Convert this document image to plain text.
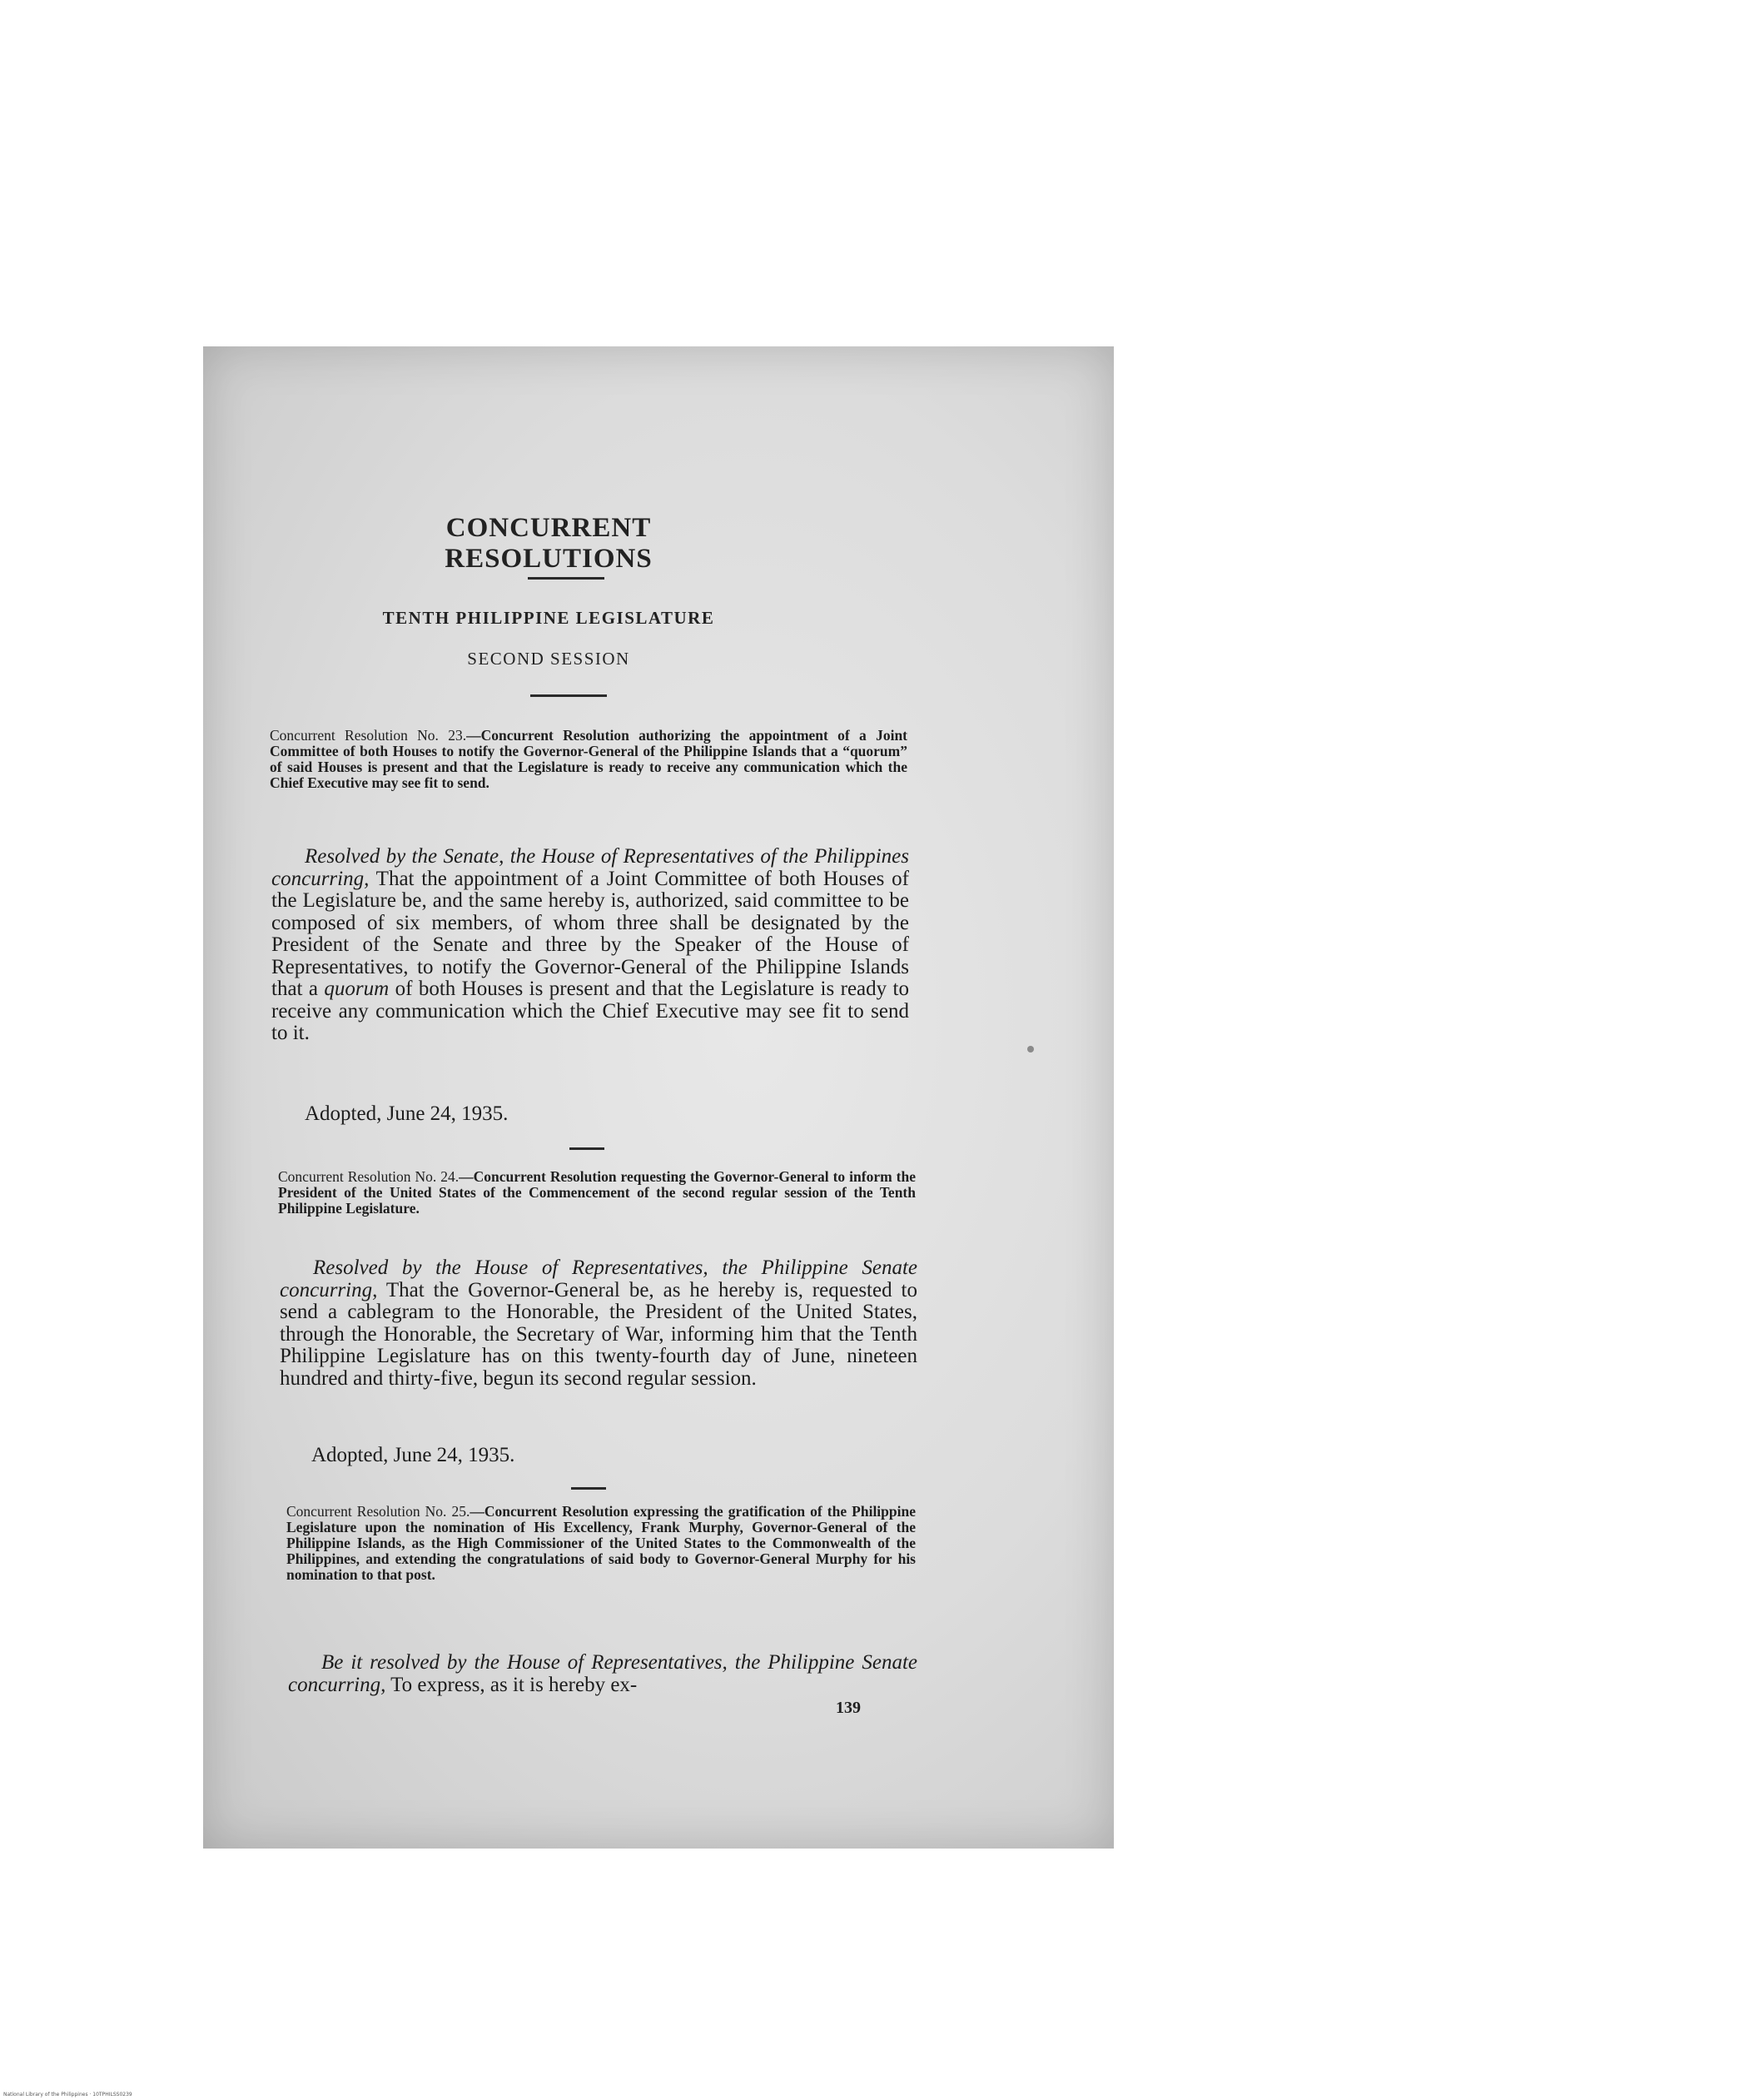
CONCURRENT RESOLUTIONS
TENTH PHILIPPINE LEGISLATURE
SECOND SESSION
Concurrent Resolution No. 23.—Concurrent Resolution authorizing the appointment of a Joint Committee of both Houses to notify the Governor-General of the Philippine Islands that a “quorum” of said Houses is present and that the Legislature is ready to receive any communication which the Chief Executive may see fit to send.
Resolved by the Senate, the House of Representatives of the Philippines concurring, That the appointment of a Joint Committee of both Houses of the Legislature be, and the same hereby is, authorized, said committee to be composed of six members, of whom three shall be designated by the President of the Senate and three by the Speaker of the House of Representatives, to notify the Governor-General of the Philippine Islands that a quorum of both Houses is present and that the Legislature is ready to receive any communication which the Chief Executive may see fit to send to it.
Adopted, June 24, 1935.
Concurrent Resolution No. 24.—Concurrent Resolution requesting the Governor-General to inform the President of the United States of the Commencement of the second regular session of the Tenth Philippine Legislature.
Resolved by the House of Representatives, the Philippine Senate concurring, That the Governor-General be, as he hereby is, requested to send a cablegram to the Honorable, the President of the United States, through the Honorable, the Secretary of War, informing him that the Tenth Philippine Legislature has on this twenty-fourth day of June, nineteen hundred and thirty-five, begun its second regular session.
Adopted, June 24, 1935.
Concurrent Resolution No. 25.—Concurrent Resolution expressing the gratification of the Philippine Legislature upon the nomination of His Excellency, Frank Murphy, Governor-General of the Philippine Islands, as the High Commissioner of the United States to the Commonwealth of the Philippines, and extending the congratulations of said body to Governor-General Murphy for his nomination to that post.
Be it resolved by the House of Representatives, the Philippine Senate concurring, To express, as it is hereby ex-
139
National Library of the Philippines · 10TPHILSS0239
